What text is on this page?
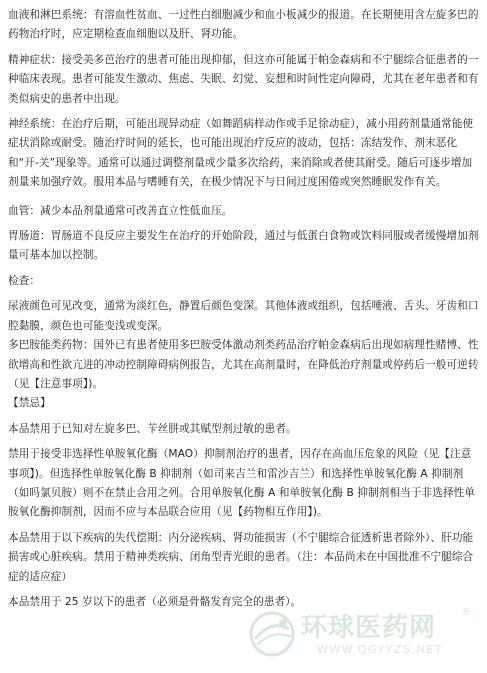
血液和淋巴系统：有溶血性贫血、一过性白细胞减少和血小板减少的报道。在长期使用含左旋多巴的药物治疗时，应定期检查血细胞以及肝、肾功能。

精神症状：接受美多芭治疗的患者可能出现抑郁，但这亦可能属于帕金森病和不宁腿综合征患者的一种临床表现。患者可能发生激动、焦虑、失眠、幻觉、妄想和时间性定向障碍，尤其在老年患者和有类似病史的患者中出现。

神经系统：在治疗后期，可能出现异动症（如舞蹈病样动作或手足徐动症），减小用药剂量通常能使症状消除或耐受。随治疗时间的延长，也可能出现治疗反应的波动，包括：冻结发作、剂末恶化和“开-关”现象等。通常可以通过调整剂量或少量多次给药，来消除或者使其耐受。随后可逐步增加剂量来加强疗效。服用本品与嗜睡有关，在极少情况下与日间过度困倦或突然睡眠发作有关。

血管：减少本品剂量通常可改善直立性低血压。

胃肠道：胃肠道不良反应主要发生在治疗的开始阶段，通过与低蛋白食物或饮料同服或者缓慢增加剂量可基本加以控制。

检查：

尿液颜色可见改变，通常为淡红色，静置后颜色变深。其他体液或组织，包括唾液、舌头、牙齿和口腔黏膜，颜色也可能变浅或变深。

多巴胺能类药物：国外已有患者使用多巴胺受体激动剂类药品治疗帕金森病后出现如病理性赌博、性欲增高和性欲亢进的冲动控制障碍病例报告，尤其在高剂量时，在降低治疗剂量或停药后一般可逆转（见【注意事项】)。

【禁忌】

本品禁用于已知对左旋多巴、苄丝肼或其赋型剂过敏的患者。

禁用于接受非选择性单胺氧化酶（MAO）抑制剂治疗的患者，因存在高血压危象的风险（见【注意事项】)。但选择性单胺氧化酶 B 抑制剂（如司来吉兰和雷沙吉兰）和选择性单胺氧化酶 A 抑制剂（如吗氯贝胺）则不在禁止合用之列。合用单胺氧化酶 A 和单胺氧化酶 B 抑制剂相当于非选择性单胺氧化酶抑制剂，因而不应与本品联合应用（见【药物相互作用】)。

本品禁用于以下疾病的失代偿期：内分泌疾病、肾功能损害（不宁腿综合征透析患者除外）、肝功能损害或心脏疾病。禁用于精神类疾病、闭角型青光眼的患者。（注：本品尚未在中国批准不宁腿综合症的适应症）

本品禁用于 25 岁以下的患者（必须是骨骼发育完全的患者）。

环球医药网
®
WWW.QGYYZS.NET
